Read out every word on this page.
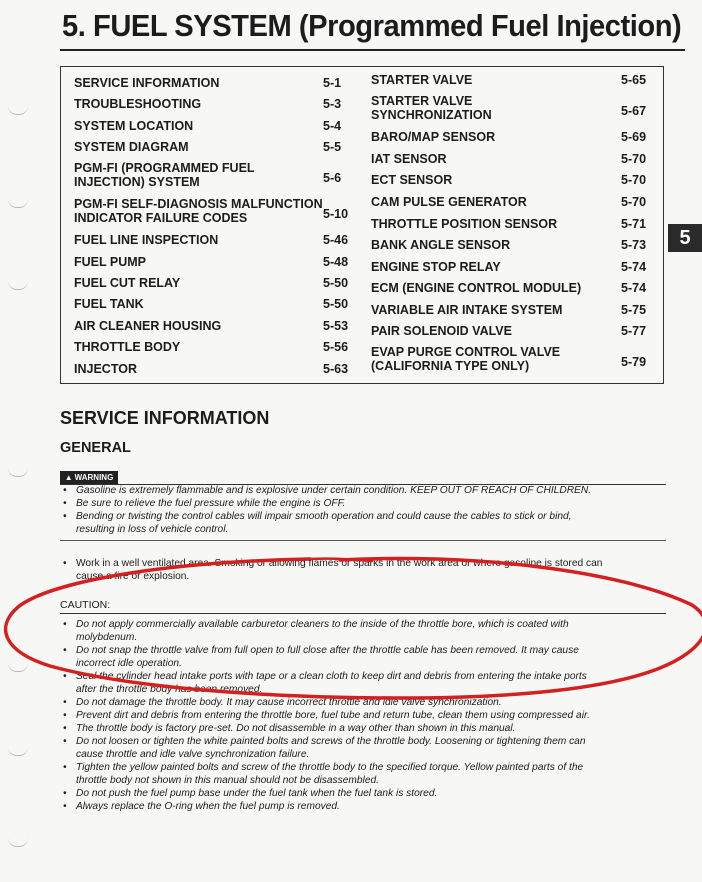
5. FUEL SYSTEM (Programmed Fuel Injection)
SERVICE INFORMATION	5-1
TROUBLESHOOTING	5-3
SYSTEM LOCATION	5-4
SYSTEM DIAGRAM	5-5
PGM-FI (PROGRAMMED FUEL
INJECTION) SYSTEM	5-6
PGM-FI SELF-DIAGNOSIS MALFUNCTION
INDICATOR FAILURE CODES	5-10
FUEL LINE INSPECTION	5-46
FUEL PUMP	5-48
FUEL CUT RELAY	5-50
FUEL TANK	5-50
AIR CLEANER HOUSING	5-53
THROTTLE BODY	5-56
INJECTOR	5-63
STARTER VALVE	5-65
STARTER VALVE
SYNCHRONIZATION	5-67
BARO/MAP SENSOR	5-69
IAT SENSOR	5-70
ECT SENSOR	5-70
CAM PULSE GENERATOR	5-70
THROTTLE POSITION SENSOR	5-71
BANK ANGLE SENSOR	5-73
ENGINE STOP RELAY	5-74
ECM (ENGINE CONTROL MODULE)	5-74
VARIABLE AIR INTAKE SYSTEM	5-75
PAIR SOLENOID VALVE	5-77
EVAP PURGE CONTROL VALVE
(CALIFORNIA TYPE ONLY)	5-79
5
SERVICE INFORMATION
GENERAL
▲ WARNING
• Gasoline is extremely flammable and is explosive under certain condition. KEEP OUT OF REACH OF CHILDREN.
• Be sure to relieve the fuel pressure while the engine is OFF.
• Bending or twisting the control cables will impair smooth operation and could cause the cables to stick or bind,
resulting in loss of vehicle control.
• Work in a well ventilated area. Smoking or allowing flames or sparks in the work area or where gasoline is stored can
cause a fire or explosion.
CAUTION:
• Do not apply commercially available carburetor cleaners to the inside of the throttle bore, which is coated with
molybdenum.
• Do not snap the throttle valve from full open to full close after the throttle cable has been removed. It may cause
incorrect idle operation.
• Seal the cylinder head intake ports with tape or a clean cloth to keep dirt and debris from entering the intake ports
after the throttle body has been removed.
• Do not damage the throttle body. It may cause incorrect throttle and idle valve synchronization.
• Prevent dirt and debris from entering the throttle bore, fuel tube and return tube, clean them using compressed air.
• The throttle body is factory pre-set. Do not disassemble in a way other than shown in this manual.
• Do not loosen or tighten the white painted bolts and screws of the throttle body. Loosening or tightening them can
cause throttle and idle valve synchronization failure.
• Tighten the yellow painted bolts and screw of the throttle body to the specified torque. Yellow painted parts of the
throttle body not shown in this manual should not be disassembled.
• Do not push the fuel pump base under the fuel tank when the fuel tank is stored.
• Always replace the O-ring when the fuel pump is removed.
